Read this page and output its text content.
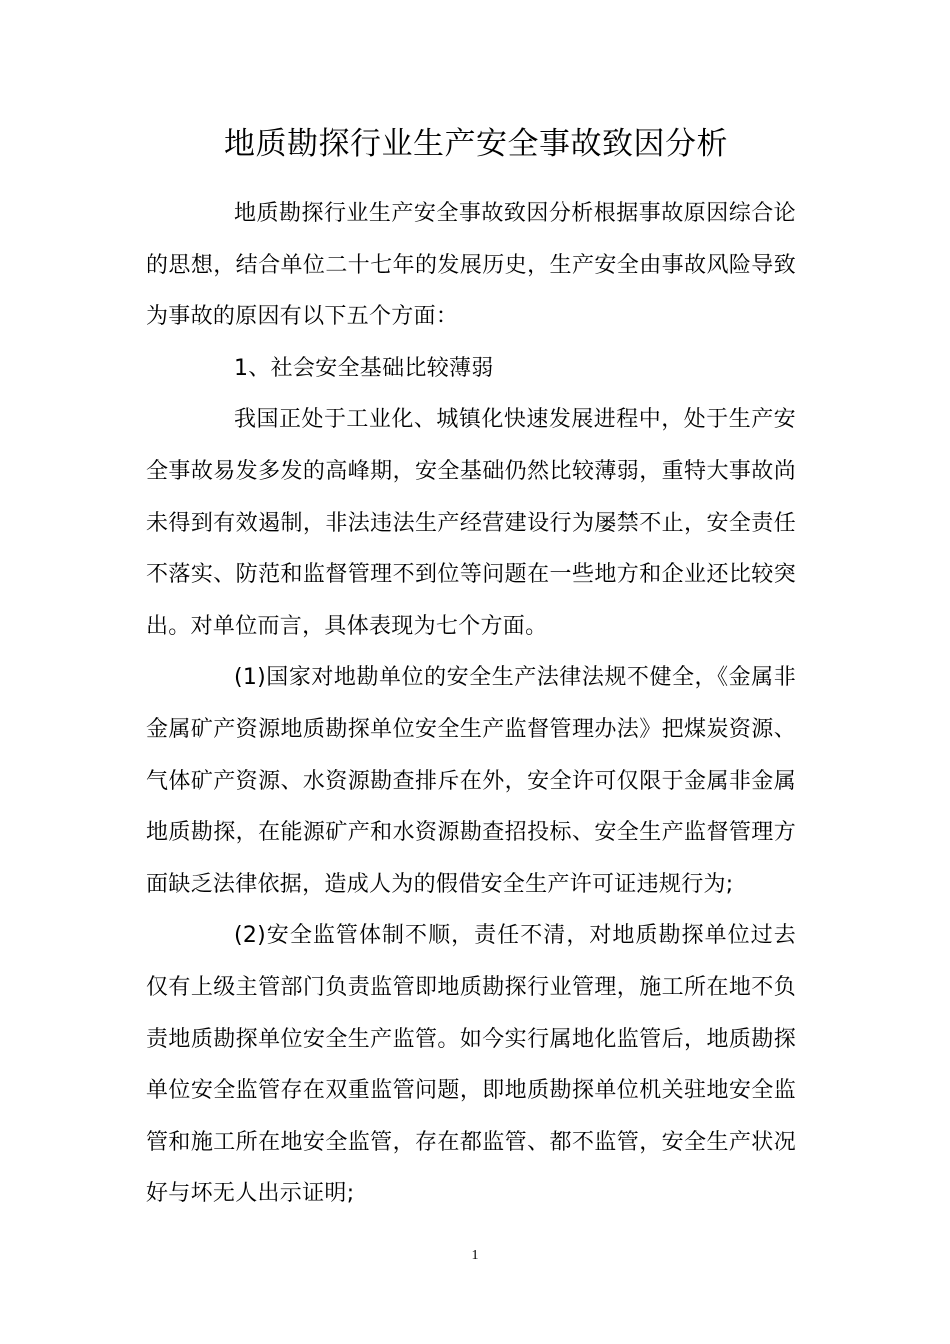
地质勘探行业生产安全事故致因分析

地质勘探行业生产安全事故致因分析根据事故原因综合论的思想，结合单位二十七年的发展历史，生产安全由事故风险导致为事故的原因有以下五个方面：

1、社会安全基础比较薄弱

我国正处于工业化、城镇化快速发展进程中，处于生产安全事故易发多发的高峰期，安全基础仍然比较薄弱，重特大事故尚未得到有效遏制，非法违法生产经营建设行为屡禁不止，安全责任不落实、防范和监督管理不到位等问题在一些地方和企业还比较突出。对单位而言，具体表现为七个方面。

(1)国家对地勘单位的安全生产法律法规不健全，《金属非金属矿产资源地质勘探单位安全生产监督管理办法》把煤炭资源、气体矿产资源、水资源勘查排斥在外，安全许可仅限于金属非金属地质勘探，在能源矿产和水资源勘查招投标、安全生产监督管理方面缺乏法律依据，造成人为的假借安全生产许可证违规行为;

(2)安全监管体制不顺，责任不清，对地质勘探单位过去仅有上级主管部门负责监管即地质勘探行业管理，施工所在地不负责地质勘探单位安全生产监管。如今实行属地化监管后，地质勘探单位安全监管存在双重监管问题，即地质勘探单位机关驻地安全监管和施工所在地安全监管，存在都监管、都不监管，安全生产状况好与坏无人出示证明;

1
